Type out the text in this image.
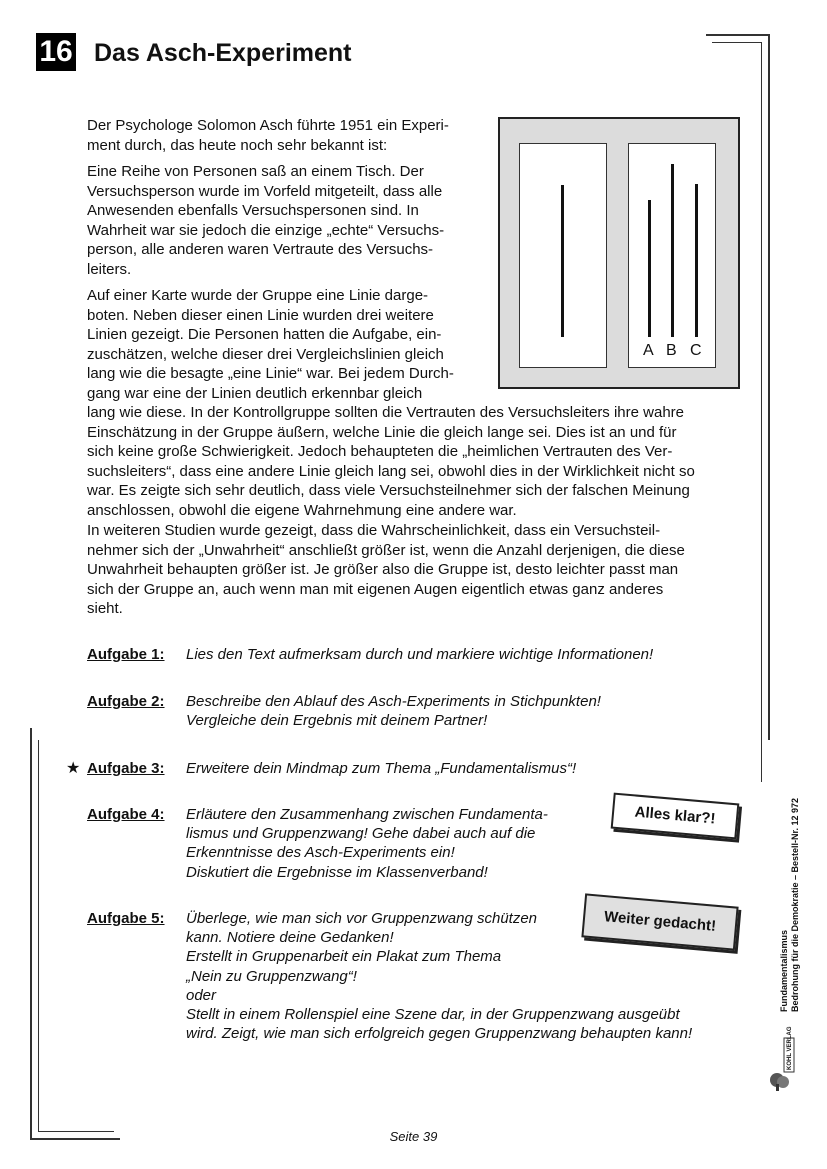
16 Das Asch-Experiment

Der Psychologe Solomon Asch führte 1951 ein Experi-
ment durch, das heute noch sehr bekannt ist:

Eine Reihe von Personen saß an einem Tisch. Der
Versuchsperson wurde im Vorfeld mitgeteilt, dass alle
Anwesenden ebenfalls Versuchspersonen sind. In
Wahrheit war sie jedoch die einzige „echte“ Versuchs-
person, alle anderen waren Vertraute des Versuchs-
leiters.

Auf einer Karte wurde der Gruppe eine Linie darge-
boten. Neben dieser einen Linie wurden drei weitere
Linien gezeigt. Die Personen hatten die Aufgabe, ein-
zuschätzen, welche dieser drei Vergleichslinien gleich
lang wie die besagte „eine Linie“ war. Bei jedem Durch-
gang war eine der Linien deutlich erkennbar gleich
lang wie diese. In der Kontrollgruppe sollten die Vertrauten des Versuchsleiters ihre wahre
Einschätzung in der Gruppe äußern, welche Linie die gleich lange sei. Dies ist an und für
sich keine große Schwierigkeit. Jedoch behaupteten die „heimlichen Vertrauten des Ver-
suchsleiters“, dass eine andere Linie gleich lang sei, obwohl dies in der Wirklichkeit nicht so
war. Es zeigte sich sehr deutlich, dass viele Versuchsteilnehmer sich der falschen Meinung
anschlossen, obwohl die eigene Wahrnehmung eine andere war.

In weiteren Studien wurde gezeigt, dass die Wahrscheinlichkeit, dass ein Versuchsteil-
nehmer sich der „Unwahrheit“ anschließt größer ist, wenn die Anzahl derjenigen, die diese
Unwahrheit behaupten größer ist. Je größer also die Gruppe ist, desto leichter passt man
sich der Gruppe an, auch wenn man mit eigenen Augen eigentlich etwas ganz anderes
sieht.

A B C
Aufgabe 1: Lies den Text aufmerksam durch und markiere wichtige Informationen!
Aufgabe 2: Beschreibe den Ablauf des Asch-Experiments in Stichpunkten!
Vergleiche dein Ergebnis mit deinem Partner!
★ Aufgabe 3: Erweitere dein Mindmap zum Thema „Fundamentalismus“!
Aufgabe 4: Erläutere den Zusammenhang zwischen Fundamenta-
lismus und Gruppenzwang! Gehe dabei auch auf die
Erkenntnisse des Asch-Experiments ein!
Diskutiert die Ergebnisse im Klassenverband!
Aufgabe 5: Überlege, wie man sich vor Gruppenzwang schützen
kann. Notiere deine Gedanken!
Erstellt in Gruppenarbeit ein Plakat zum Thema
„Nein zu Gruppenzwang“!
oder
Stellt in einem Rollenspiel eine Szene dar, in der Gruppenzwang ausgeübt
wird. Zeigt, wie man sich erfolgreich gegen Gruppenzwang behaupten kann!
Alles klar?!
Weiter gedacht!
Fundamentalismus Bedrohung für die Demokratie – Bestell-Nr. 12 972
KOHL VERLAG
Seite 39
